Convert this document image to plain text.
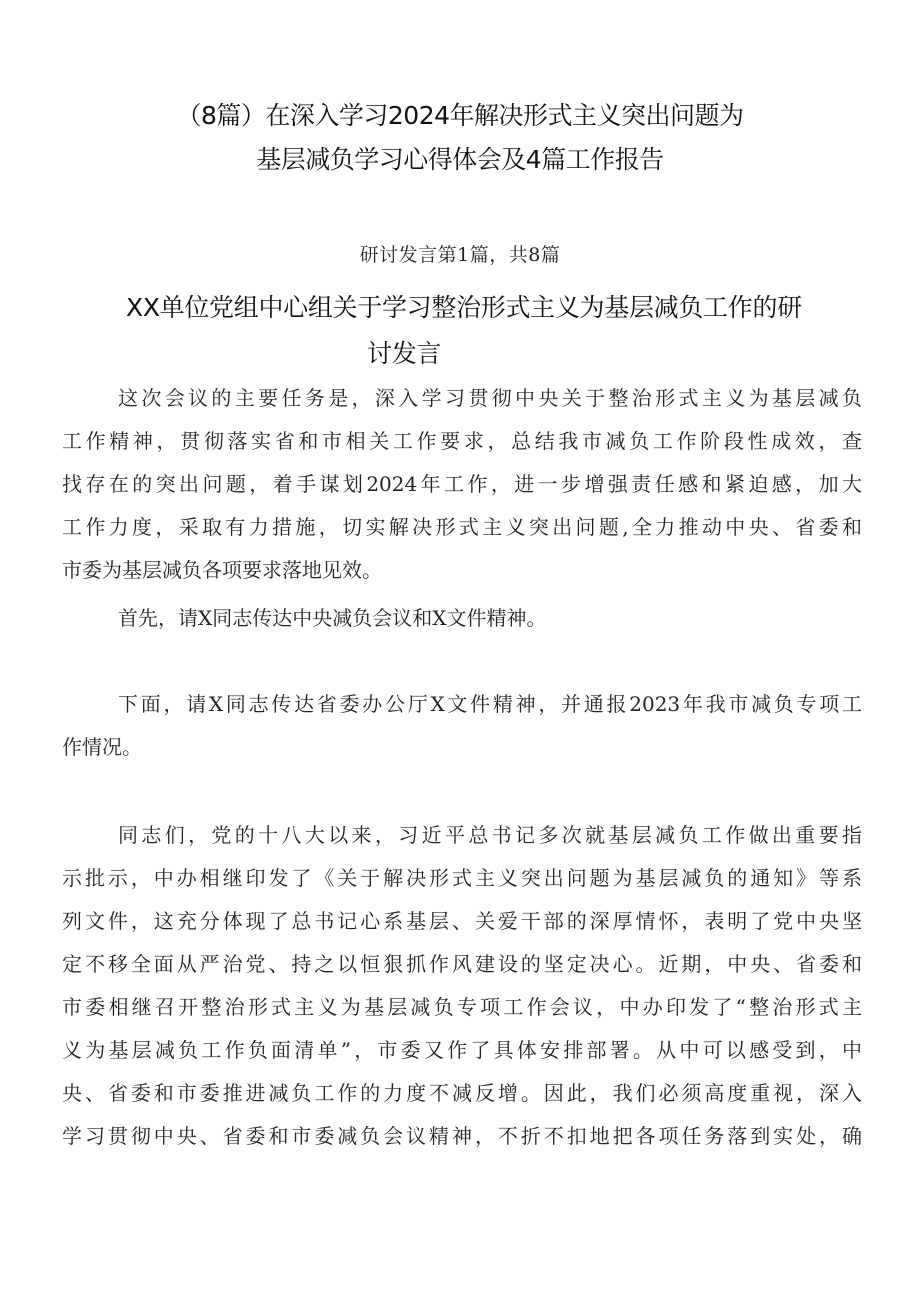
（8篇）在深入学习2024年解决形式主义突出问题为
基层减负学习心得体会及4篇工作报告
研讨发言第1篇，共8篇
XX单位党组中心组关于学习整治形式主义为基层减负工作的研
讨发言
这次会议的主要任务是，深入学习贯彻中央关于整治形式主义为基层减负
工作精神，贯彻落实省和市相关工作要求，总结我市减负工作阶段性成效，查
找存在的突出问题，着手谋划2024年工作，进一步增强责任感和紧迫感，加大
工作力度，采取有力措施，切实解决形式主义突出问题,全力推动中央、省委和
市委为基层减负各项要求落地见效。
首先，请X同志传达中央减负会议和X文件精神。
下面，请X同志传达省委办公厅X文件精神，并通报2023年我市减负专项工
作情况。
同志们，党的十八大以来，习近平总书记多次就基层减负工作做出重要指
示批示，中办相继印发了《关于解决形式主义突出问题为基层减负的通知》等系
列文件，这充分体现了总书记心系基层、关爱干部的深厚情怀，表明了党中央坚
定不移全面从严治党、持之以恒狠抓作风建设的坚定决心。近期，中央、省委和
市委相继召开整治形式主义为基层减负专项工作会议，中办印发了“整治形式主
义为基层减负工作负面清单”，市委又作了具体安排部署。从中可以感受到，中
央、省委和市委推进减负工作的力度不减反增。因此，我们必须高度重视，深入
学习贯彻中央、省委和市委减负会议精神，不折不扣地把各项任务落到实处，确
